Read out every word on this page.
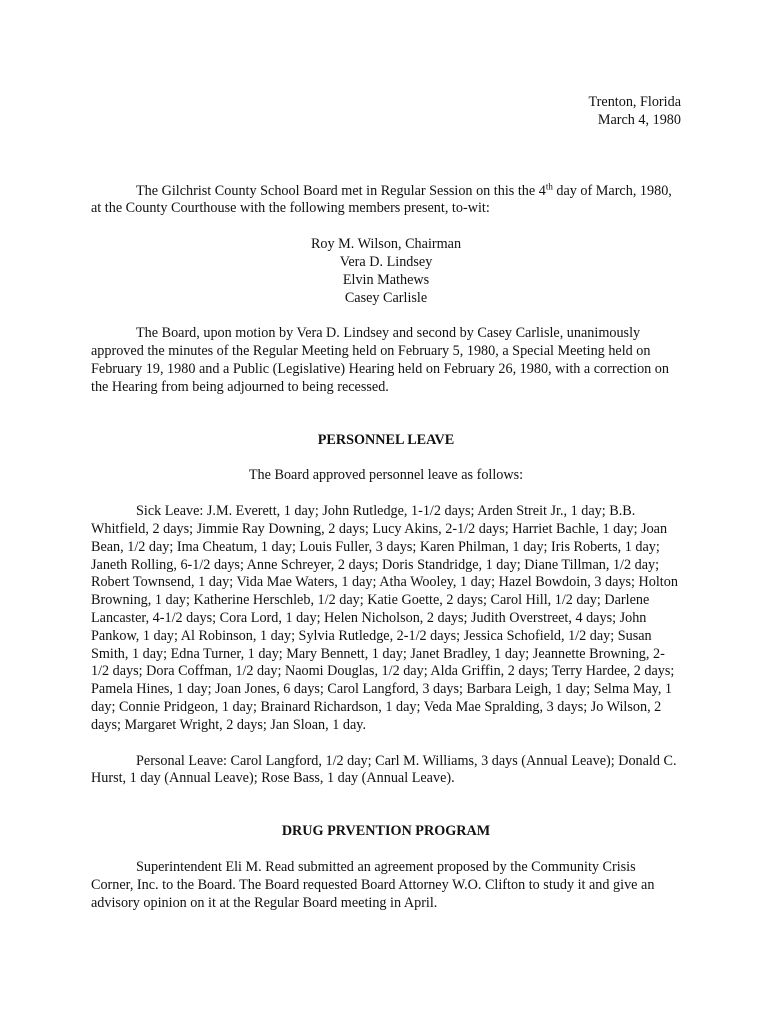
Trenton, Florida
March 4, 1980

The Gilchrist County School Board met in Regular Session on this the 4th day of March, 1980, at the County Courthouse with the following members present, to-wit:

Roy M. Wilson, Chairman
Vera D. Lindsey
Elvin Mathews
Casey Carlisle

The Board, upon motion by Vera D. Lindsey and second by Casey Carlisle, unanimously approved the minutes of the Regular Meeting held on February 5, 1980, a Special Meeting held on February 19, 1980 and a Public (Legislative) Hearing held on February 26, 1980, with a correction on the Hearing from being adjourned to being recessed.

PERSONNEL LEAVE

The Board approved personnel leave as follows:

Sick Leave: J.M. Everett, 1 day; John Rutledge, 1-1/2 days; Arden Streit Jr., 1 day; B.B. Whitfield, 2 days; Jimmie Ray Downing, 2 days; Lucy Akins, 2-1/2 days; Harriet Bachle, 1 day; Joan Bean, 1/2 day; Ima Cheatum, 1 day; Louis Fuller, 3 days; Karen Philman, 1 day; Iris Roberts, 1 day; Janeth Rolling, 6-1/2 days; Anne Schreyer, 2 days; Doris Standridge, 1 day; Diane Tillman, 1/2 day; Robert Townsend, 1 day; Vida Mae Waters, 1 day; Atha Wooley, 1 day; Hazel Bowdoin, 3 days; Holton Browning, 1 day; Katherine Herschleb, 1/2 day; Katie Goette, 2 days; Carol Hill, 1/2 day; Darlene Lancaster, 4-1/2 days; Cora Lord, 1 day; Helen Nicholson, 2 days; Judith Overstreet, 4 days; John Pankow, 1 day; Al Robinson, 1 day; Sylvia Rutledge, 2-1/2 days; Jessica Schofield, 1/2 day; Susan Smith, 1 day; Edna Turner, 1 day; Mary Bennett, 1 day; Janet Bradley, 1 day; Jeannette Browning, 2-1/2 days; Dora Coffman, 1/2 day; Naomi Douglas, 1/2 day; Alda Griffin, 2 days; Terry Hardee, 2 days; Pamela Hines, 1 day; Joan Jones, 6 days; Carol Langford, 3 days; Barbara Leigh, 1 day; Selma May, 1 day; Connie Pridgeon, 1 day; Brainard Richardson, 1 day; Veda Mae Spralding, 3 days; Jo Wilson, 2 days; Margaret Wright, 2 days; Jan Sloan, 1 day.

Personal Leave: Carol Langford, 1/2 day; Carl M. Williams, 3 days (Annual Leave); Donald C. Hurst, 1 day (Annual Leave); Rose Bass, 1 day (Annual Leave).

DRUG PRVENTION PROGRAM

Superintendent Eli M. Read submitted an agreement proposed by the Community Crisis Corner, Inc. to the Board. The Board requested Board Attorney W.O. Clifton to study it and give an advisory opinion on it at the Regular Board meeting in April.
